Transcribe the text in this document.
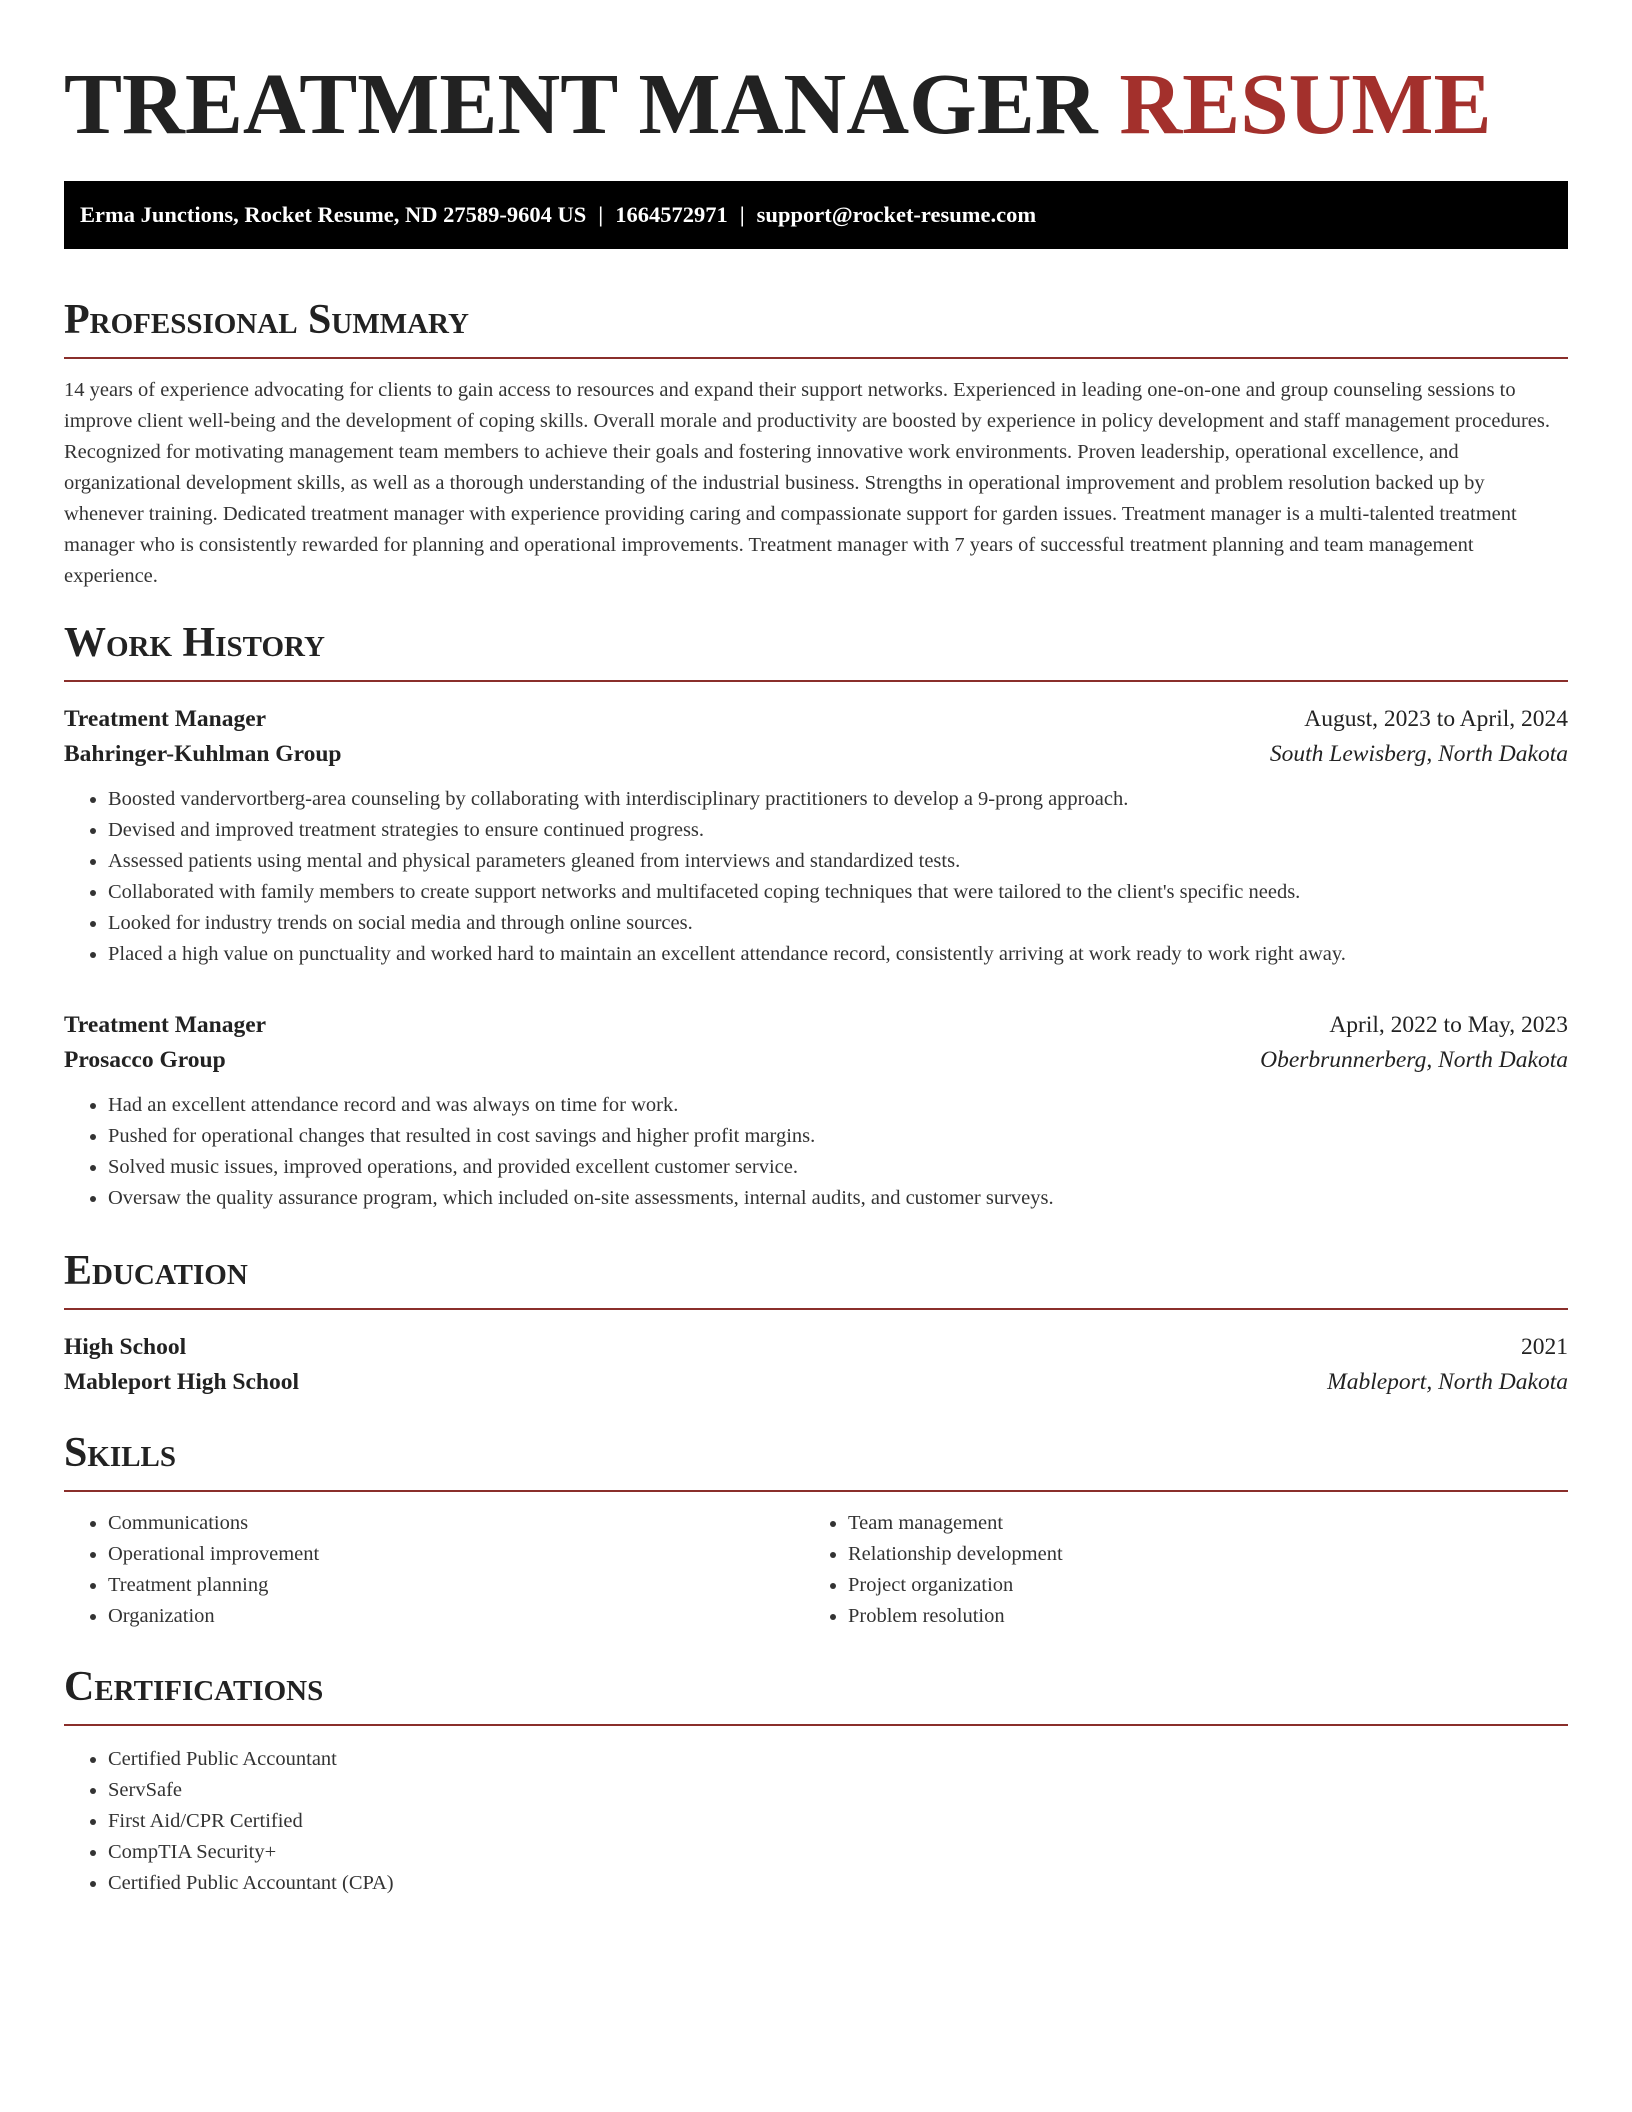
TREATMENT MANAGER RESUME
Erma Junctions, Rocket Resume, ND 27589-9604 US | 1664572971 | support@rocket-resume.com
Professional Summary

14 years of experience advocating for clients to gain access to resources and expand their support networks. Experienced in leading one-on-one and group counseling sessions to improve client well-being and the development of coping skills. Overall morale and productivity are boosted by experience in policy development and staff management procedures. Recognized for motivating management team members to achieve their goals and fostering innovative work environments. Proven leadership, operational excellence, and organizational development skills, as well as a thorough understanding of the industrial business. Strengths in operational improvement and problem resolution backed up by whenever training. Dedicated treatment manager with experience providing caring and compassionate support for garden issues. Treatment manager is a multi-talented treatment manager who is consistently rewarded for planning and operational improvements. Treatment manager with 7 years of successful treatment planning and team management experience.

Work History
Treatment Manager	August, 2023 to April, 2024
Bahringer-Kuhlman Group	South Lewisberg, North Dakota
• Boosted vandervortberg-area counseling by collaborating with interdisciplinary practitioners to develop a 9-prong approach.
• Devised and improved treatment strategies to ensure continued progress.
• Assessed patients using mental and physical parameters gleaned from interviews and standardized tests.
• Collaborated with family members to create support networks and multifaceted coping techniques that were tailored to the client's specific needs.
• Looked for industry trends on social media and through online sources.
• Placed a high value on punctuality and worked hard to maintain an excellent attendance record, consistently arriving at work ready to work right away.
Treatment Manager	April, 2022 to May, 2023
Prosacco Group	Oberbrunnerberg, North Dakota
• Had an excellent attendance record and was always on time for work.
• Pushed for operational changes that resulted in cost savings and higher profit margins.
• Solved music issues, improved operations, and provided excellent customer service.
• Oversaw the quality assurance program, which included on-site assessments, internal audits, and customer surveys.
Education
High School	2021
Mableport High School	Mableport, North Dakota
Skills
• Communications
• Operational improvement
• Treatment planning
• Organization
• Team management
• Relationship development
• Project organization
• Problem resolution
Certifications
• Certified Public Accountant
• ServSafe
• First Aid/CPR Certified
• CompTIA Security+
• Certified Public Accountant (CPA)
